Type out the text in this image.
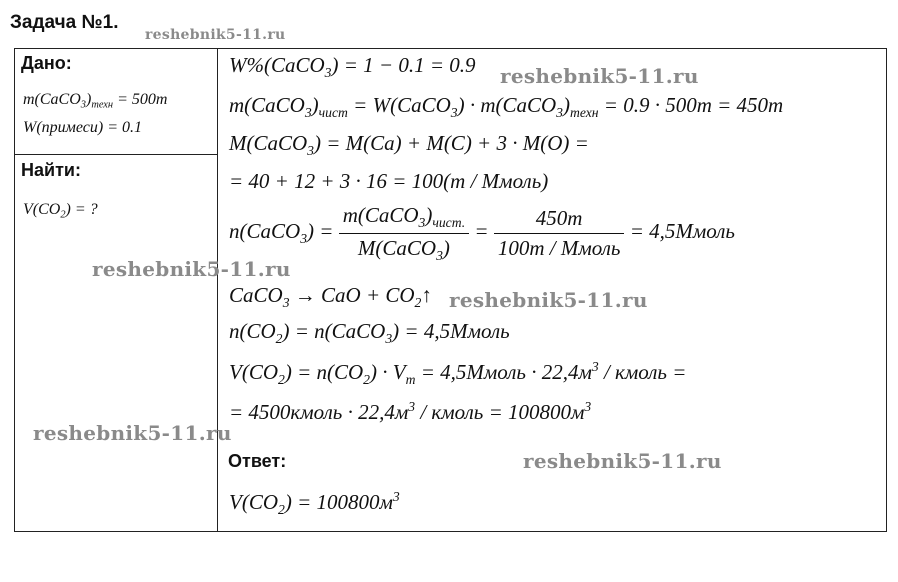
Задача №1.
Дано:
$m(CaCO_3)_{техн} = 500т$
W(примеси) = 0.1
Найти:
$V(CO_2)$ = ?
W%(CaCO$_3$) = 1 − 0.1 = 0.9
$m(CaCO_3)_{чист}$ = W(CaCO$_3$) · $m(CaCO_3)_{техн} = 0.9 \cdot 500т = 450т$
M(CaCO$_3$) = M(Ca) + M(C) + 3 · M(O) =
= 40 + 12 + 3 · 16 = 100(т / Ммоль)
n(CaCO$_3$) = $\frac{m(CaCO_3)_{чист.}}{M(CaCO_3)} = \frac{450т}{\text{100т / Ммоль}}$ = 4,5Ммоль
CaCO$_3$ → CaO + $CO_2↑$
$n(CO_2)$ = n(CaCO$_3$) = 4,5Ммоль
$V(CO_2) = n(CO_2) \cdot V_m$ = 4,5Ммоль · $22,4м^3$ / кмоль =
= 4500кмоль · $22,4м^3$ / кмоль = $100800м^3$
Ответ:
$V(CO_2) = 100800м^3$
reshebnik5-11.ru
reshebnik5-11.ru
reshebnik5-11.ru
reshebnik5-11.ru
reshebnik5-11.ru
reshebnik5-11.ru
